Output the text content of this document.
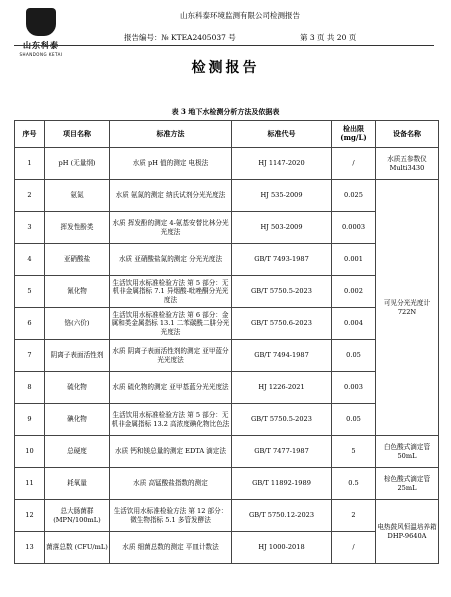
山东科泰
SHANDONG KETAI
山东科泰环境监测有限公司检测报告
报告编号：№ KTEA2405037 号	第 3 页 共 20 页
检测报告
表 3 地下水检测分析方法及依据表
序号	项目名称	标准方法	标准代号	检出限 (mg/L)	设备名称
1	pH (无量纲)	水质 pH 值的测定 电极法	HJ 1147-2020	/	水质五参数仪 Multi3430
2	氨氮	水质 氨氮的测定 纳氏试剂分光光度法	HJ 535-2009	0.025	可见分光光度计 722N
3	挥发性酚类	水质 挥发酚的测定 4-氨基安替比林分光光度法	HJ 503-2009	0.0003	
4	亚硝酸盐	水质 亚硝酸盐氮的测定 分光光度法	GB/T 7493-1987	0.001	
5	氰化物	生活饮用水标准检验方法 第 5 部分：无机非金属指标 7.1 异烟酸-吡唑酮分光光度法	GB/T 5750.5-2023	0.002	
6	铬(六价)	生活饮用水标准检验方法 第 6 部分：金属和类金属指标 13.1 二苯碳酰二肼分光光度法	GB/T 5750.6-2023	0.004	
7	阴离子表面活性剂	水质 阴离子表面活性剂的测定 亚甲蓝分光光度法	GB/T 7494-1987	0.05	
8	硫化物	水质 硫化物的测定 亚甲基蓝分光光度法	HJ 1226-2021	0.003	
9	碘化物	生活饮用水标准检验方法 第 5 部分：无机非金属指标 13.2 高浓度碘化物比色法	GB/T 5750.5-2023	0.05	
10	总硬度	水质 钙和镁总量的测定 EDTA 滴定法	GB/T 7477-1987	5	白色酸式滴定管 50mL
11	耗氧量	水质 高锰酸盐指数的测定	GB/T 11892-1989	0.5	棕色酸式滴定管 25mL
12	总大肠菌群 (MPN/100mL)	生活饮用水标准检验方法 第 12 部分：微生物指标 5.1 多管发酵法	GB/T 5750.12-2023	2	电热鼓风恒温培养箱 DHP-9640A
13	菌落总数 (CFU/mL)	水质 细菌总数的测定 平皿计数法	HJ 1000-2018	/	
